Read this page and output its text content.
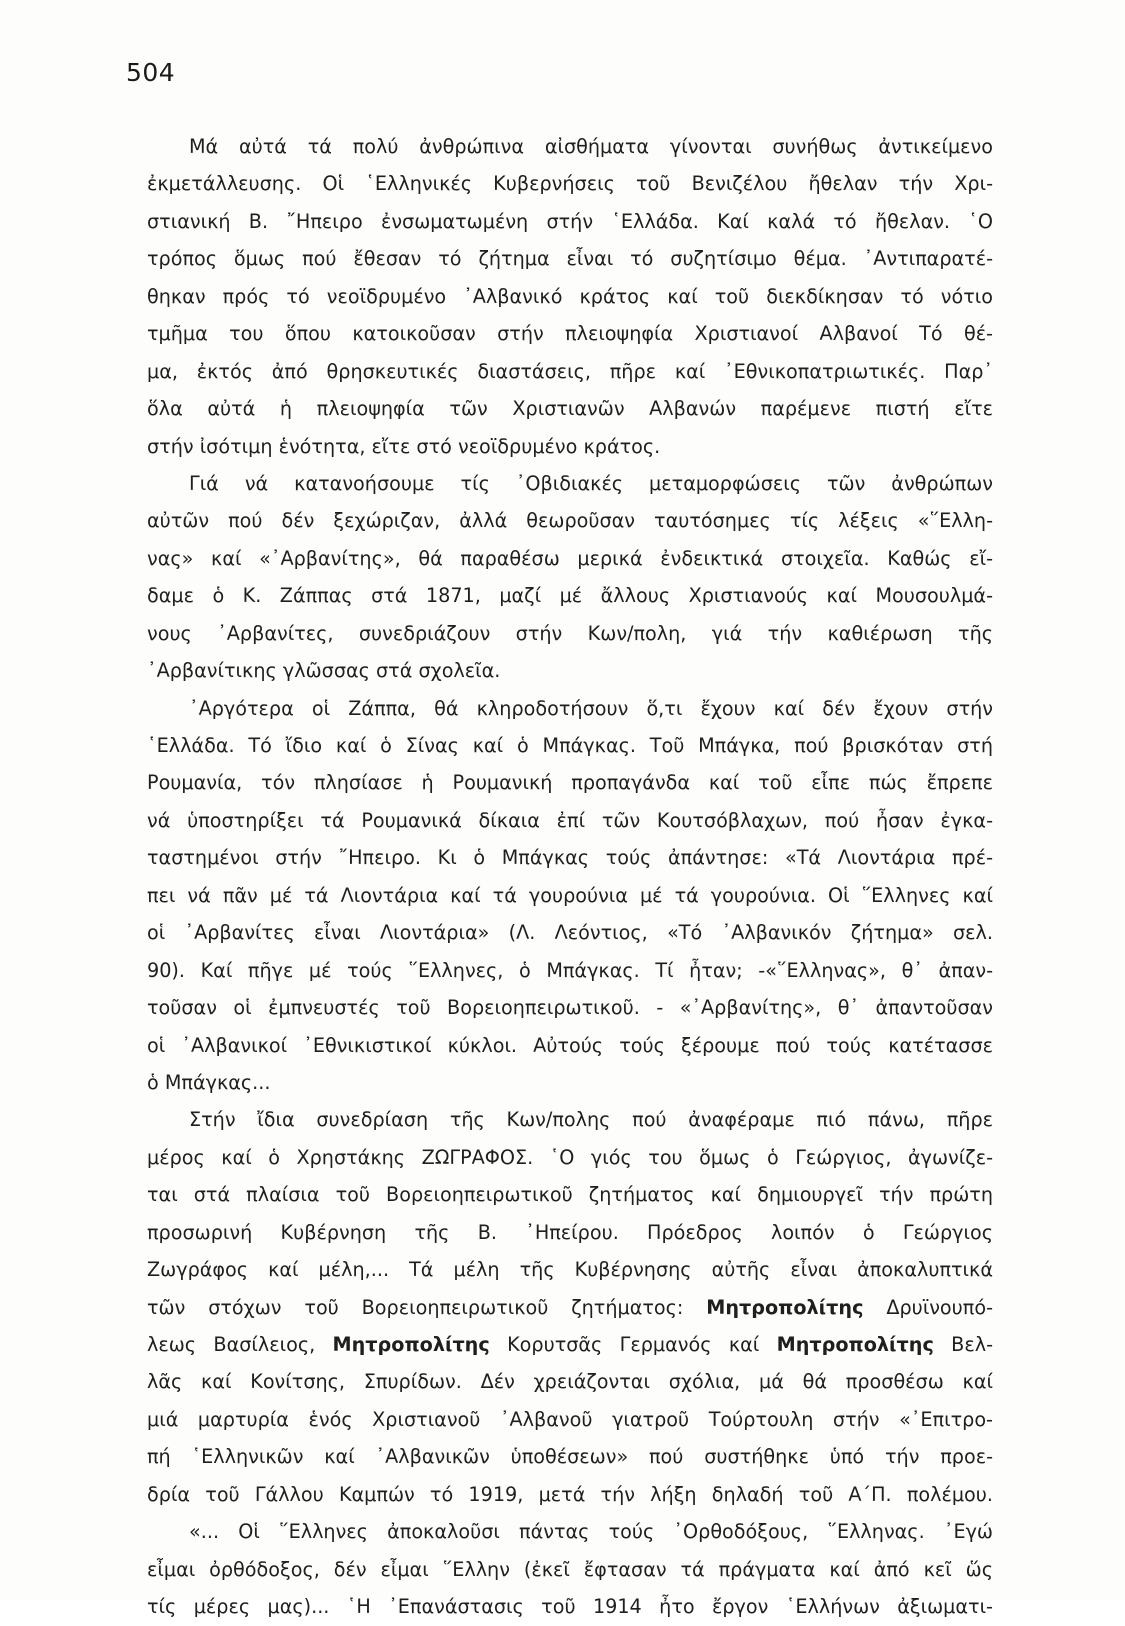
504
Μά αὐτά τά πολύ ἀνθρώπινα αἰσθήματα γίνονται συνήθως ἀντικείμενο
ἐκμετάλλευσης. Οἱ ῾Ελληνικές Κυβερνήσεις τοῦ Βενιζέλου ἤθελαν τήν Χρι-
στιανική Β. ῎Ηπειρο ἐνσωματωμένη στήν ῾Ελλάδα. Καί καλά τό ἤθελαν. ῾Ο
τρόπος ὅμως πού ἔθεσαν τό ζήτημα εἶναι τό συζητίσιμο θέμα. ᾿Αντιπαρατέ-
θηκαν πρός τό νεοϊδρυμένο ᾿Αλβανικό κράτος καί τοῦ διεκδίκησαν τό νότιο
τμῆμα του ὅπου κατοικοῦσαν στήν πλειοψηφία Χριστιανοί Αλβανοί Τό θέ-
μα, ἐκτός ἀπό θρησκευτικές διαστάσεις, πῆρε καί ᾿Εθνικοπατριωτικές. Παρ᾿
ὅλα αὐτά ἡ πλειοψηφία τῶν Χριστιανῶν Αλβανών παρέμενε πιστή εἴτε
στήν ἰσότιμη ἑνότητα, εἴτε στό νεοϊδρυμένο κράτος.
Γιά νά κατανοήσουμε τίς ᾿Οβιδιακές μεταμορφώσεις τῶν ἀνθρώπων
αὐτῶν πού δέν ξεχώριζαν, ἀλλά θεωροῦσαν ταυτόσημες τίς λέξεις «῞Ελλη-
νας» καί «᾿Αρβανίτης», θά παραθέσω μερικά ἐνδεικτικά στοιχεῖα. Καθώς εἴ-
δαμε ὁ Κ. Ζάππας στά 1871, μαζί μέ ἄλλους Χριστιανούς καί Μουσουλμά-
νους ᾿Αρβανίτες, συνεδριάζουν στήν Κων/πολη, γιά τήν καθιέρωση τῆς
᾿Αρβανίτικης γλῶσσας στά σχολεῖα.
᾿Αργότερα οἱ Ζάππα, θά κληροδοτήσουν ὅ,τι ἔχουν καί δέν ἔχουν στήν
῾Ελλάδα. Τό ἴδιο καί ὁ Σίνας καί ὁ Μπάγκας. Τοῦ Μπάγκα, πού βρισκόταν στή
Ρουμανία, τόν πλησίασε ἡ Ρουμανική προπαγάνδα καί τοῦ εἶπε πώς ἔπρεπε
νά ὑποστηρίξει τά Ρουμανικά δίκαια ἐπί τῶν Κουτσόβλαχων, πού ἦσαν ἐγκα-
ταστημένοι στήν ῎Ηπειρο. Κι ὁ Μπάγκας τούς ἀπάντησε: «Τά Λιοντάρια πρέ-
πει νά πᾶν μέ τά Λιοντάρια καί τά γουρούνια μέ τά γουρούνια. Οἱ ῞Ελληνες καί
οἱ ᾿Αρβανίτες εἶναι Λιοντάρια» (Λ. Λεόντιος, «Τό ᾿Αλβανικόν ζήτημα» σελ.
90). Καί πῆγε μέ τούς ῞Ελληνες, ὁ Μπάγκας. Τί ἦταν; -«῞Ελληνας», θ᾿ ἀπαν-
τοῦσαν οἱ ἐμπνευστές τοῦ Βορειοηπειρωτικοῦ. - «᾿Αρβανίτης», θ᾿ ἀπαντοῦσαν
οἱ ᾿Αλβανικοί ᾿Εθνικιστικοί κύκλοι. Αὐτούς τούς ξέρουμε πού τούς κατέτασσε
ὁ Μπάγκας...
Στήν ἴδια συνεδρίαση τῆς Κων/πολης πού ἀναφέραμε πιό πάνω, πῆρε
μέρος καί ὁ Χρηστάκης ΖΩΓΡΑΦΟΣ. ῾Ο γιός του ὅμως ὁ Γεώργιος, ἀγωνίζε-
ται στά πλαίσια τοῦ Βορειοηπειρωτικοῦ ζητήματος καί δημιουργεῖ τήν πρώτη
προσωρινή Κυβέρνηση τῆς Β. ᾿Ηπείρου. Πρόεδρος λοιπόν ὁ Γεώργιος
Ζωγράφος καί μέλη,... Τά μέλη τῆς Κυβέρνησης αὐτῆς εἶναι ἀποκαλυπτικά
τῶν στόχων τοῦ Βορειοηπειρωτικοῦ ζητήματος: Μητροπολίτης Δρυϊνουπό-
λεως Βασίλειος, Μητροπολίτης Κορυτσᾶς Γερμανός καί Μητροπολίτης Βελ-
λᾶς καί Κονίτσης, Σπυρίδων. Δέν χρειάζονται σχόλια, μά θά προσθέσω καί
μιά μαρτυρία ἑνός Χριστιανοῦ ᾿Αλβανοῦ γιατροῦ Τούρτουλη στήν «᾿Επιτρο-
πή ῾Ελληνικῶν καί ᾿Αλβανικῶν ὑποθέσεων» πού συστήθηκε ὑπό τήν προε-
δρία τοῦ Γάλλου Καμπών τό 1919, μετά τήν λήξη δηλαδή τοῦ Α΄Π. πολέμου.
«... Οἱ ῞Ελληνες ἀποκαλοῦσι πάντας τούς ᾿Ορθοδόξους, ῞Ελληνας. ᾿Εγώ
εἶμαι ὀρθόδοξος, δέν εἶμαι ῞Ελλην (ἐκεῖ ἔφτασαν τά πράγματα καί ἀπό κεῖ ὥς
τίς μέρες μας)... ῾Η ᾿Επανάστασις τοῦ 1914 ἦτο ἔργον ῾Ελλήνων ἀξιωματι-
